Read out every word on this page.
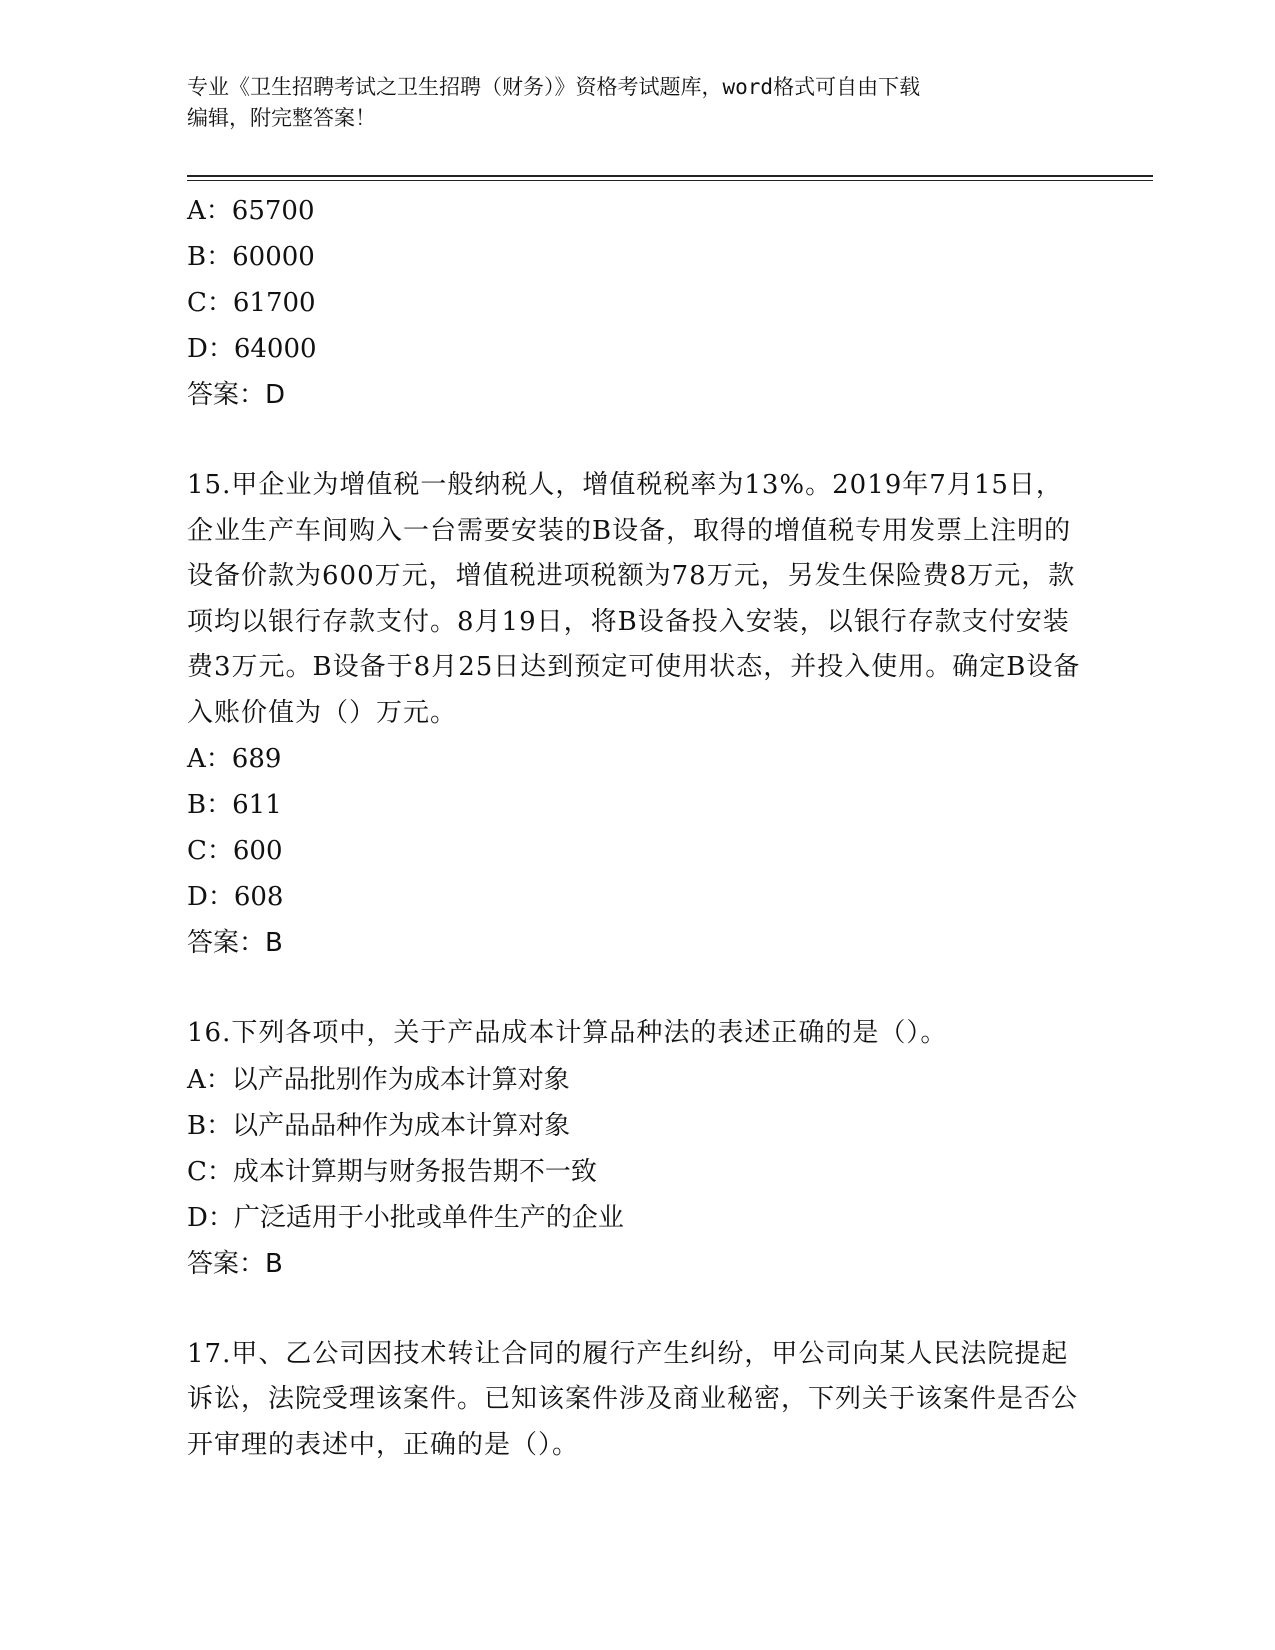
专业《卫生招聘考试之卫生招聘（财务）》资格考试题库，word格式可自由下载
编辑，附完整答案！
A：65700
B：60000
C：61700
D：64000
答案：D
15.甲企业为增值税一般纳税人，增值税税率为13%。2019年7月15日，企业生产车间购入一台需要安装的B设备，取得的增值税专用发票上注明的设备价款为600万元，增值税进项税额为78万元，另发生保险费8万元，款项均以银行存款支付。8月19日，将B设备投入安装，以银行存款支付安装费3万元。B设备于8月25日达到预定可使用状态，并投入使用。确定B设备入账价值为（）万元。
A：689
B：611
C：600
D：608
答案：B
16.下列各项中，关于产品成本计算品种法的表述正确的是（）。
A：以产品批别作为成本计算对象
B：以产品品种作为成本计算对象
C：成本计算期与财务报告期不一致
D：广泛适用于小批或单件生产的企业
答案：B
17.甲、乙公司因技术转让合同的履行产生纠纷，甲公司向某人民法院提起诉讼，法院受理该案件。已知该案件涉及商业秘密，下列关于该案件是否公开审理的表述中，正确的是（）。
